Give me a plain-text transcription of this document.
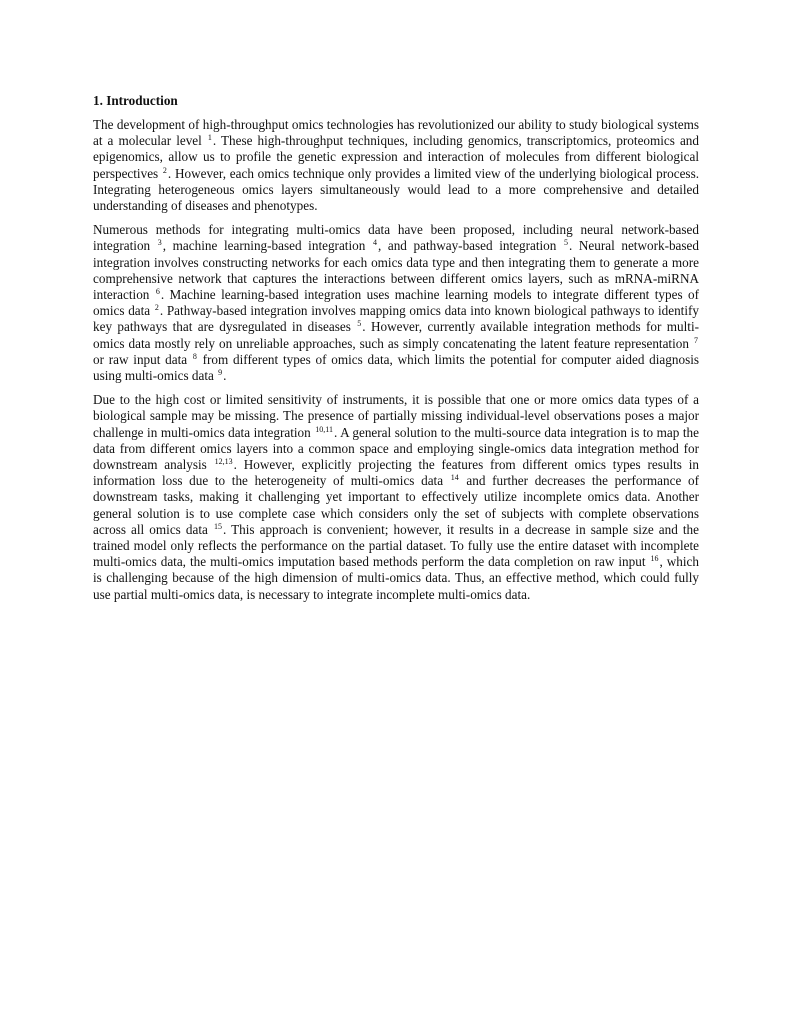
1. Introduction

The development of high-throughput omics technologies has revolutionized our ability to study biological systems at a molecular level $^1$. These high-throughput techniques, including genomics, transcriptomics, proteomics and epigenomics, allow us to profile the genetic expression and interaction of molecules from different biological perspectives $^2$. However, each omics technique only provides a limited view of the underlying biological process. Integrating heterogeneous omics layers simultaneously would lead to a more comprehensive and detailed understanding of diseases and phenotypes.

Numerous methods for integrating multi-omics data have been proposed, including neural network-based integration $^3$, machine learning-based integration $^4$, and pathway-based integration $^5$. Neural network-based integration involves constructing networks for each omics data type and then integrating them to generate a more comprehensive network that captures the interactions between different omics layers, such as mRNA-miRNA interaction $^6$. Machine learning-based integration uses machine learning models to integrate different types of omics data $^2$. Pathway-based integration involves mapping omics data into known biological pathways to identify key pathways that are dysregulated in diseases $^5$. However, currently available integration methods for multi-omics data mostly rely on unreliable approaches, such as simply concatenating the latent feature representation $^7$ or raw input data $^8$ from different types of omics data, which limits the potential for computer aided diagnosis using multi-omics data $^9$.

Due to the high cost or limited sensitivity of instruments, it is possible that one or more omics data types of a biological sample may be missing. The presence of partially missing individual-level observations poses a major challenge in multi-omics data integration $^{10,11}$. A general solution to the multi-source data integration is to map the data from different omics layers into a common space and employing single-omics data integration method for downstream analysis $^{12,13}$. However, explicitly projecting the features from different omics types results in information loss due to the heterogeneity of multi-omics data $^{14}$ and further decreases the performance of downstream tasks, making it challenging yet important to effectively utilize incomplete omics data. Another general solution is to use complete case which considers only the set of subjects with complete observations across all omics data $^{15}$. This approach is convenient; however, it results in a decrease in sample size and the trained model only reflects the performance on the partial dataset. To fully use the entire dataset with incomplete multi-omics data, the multi-omics imputation based methods perform the data completion on raw input $^{16}$, which is challenging because of the high dimension of multi-omics data. Thus, an effective method, which could fully use partial multi-omics data, is necessary to integrate incomplete multi-omics data.
